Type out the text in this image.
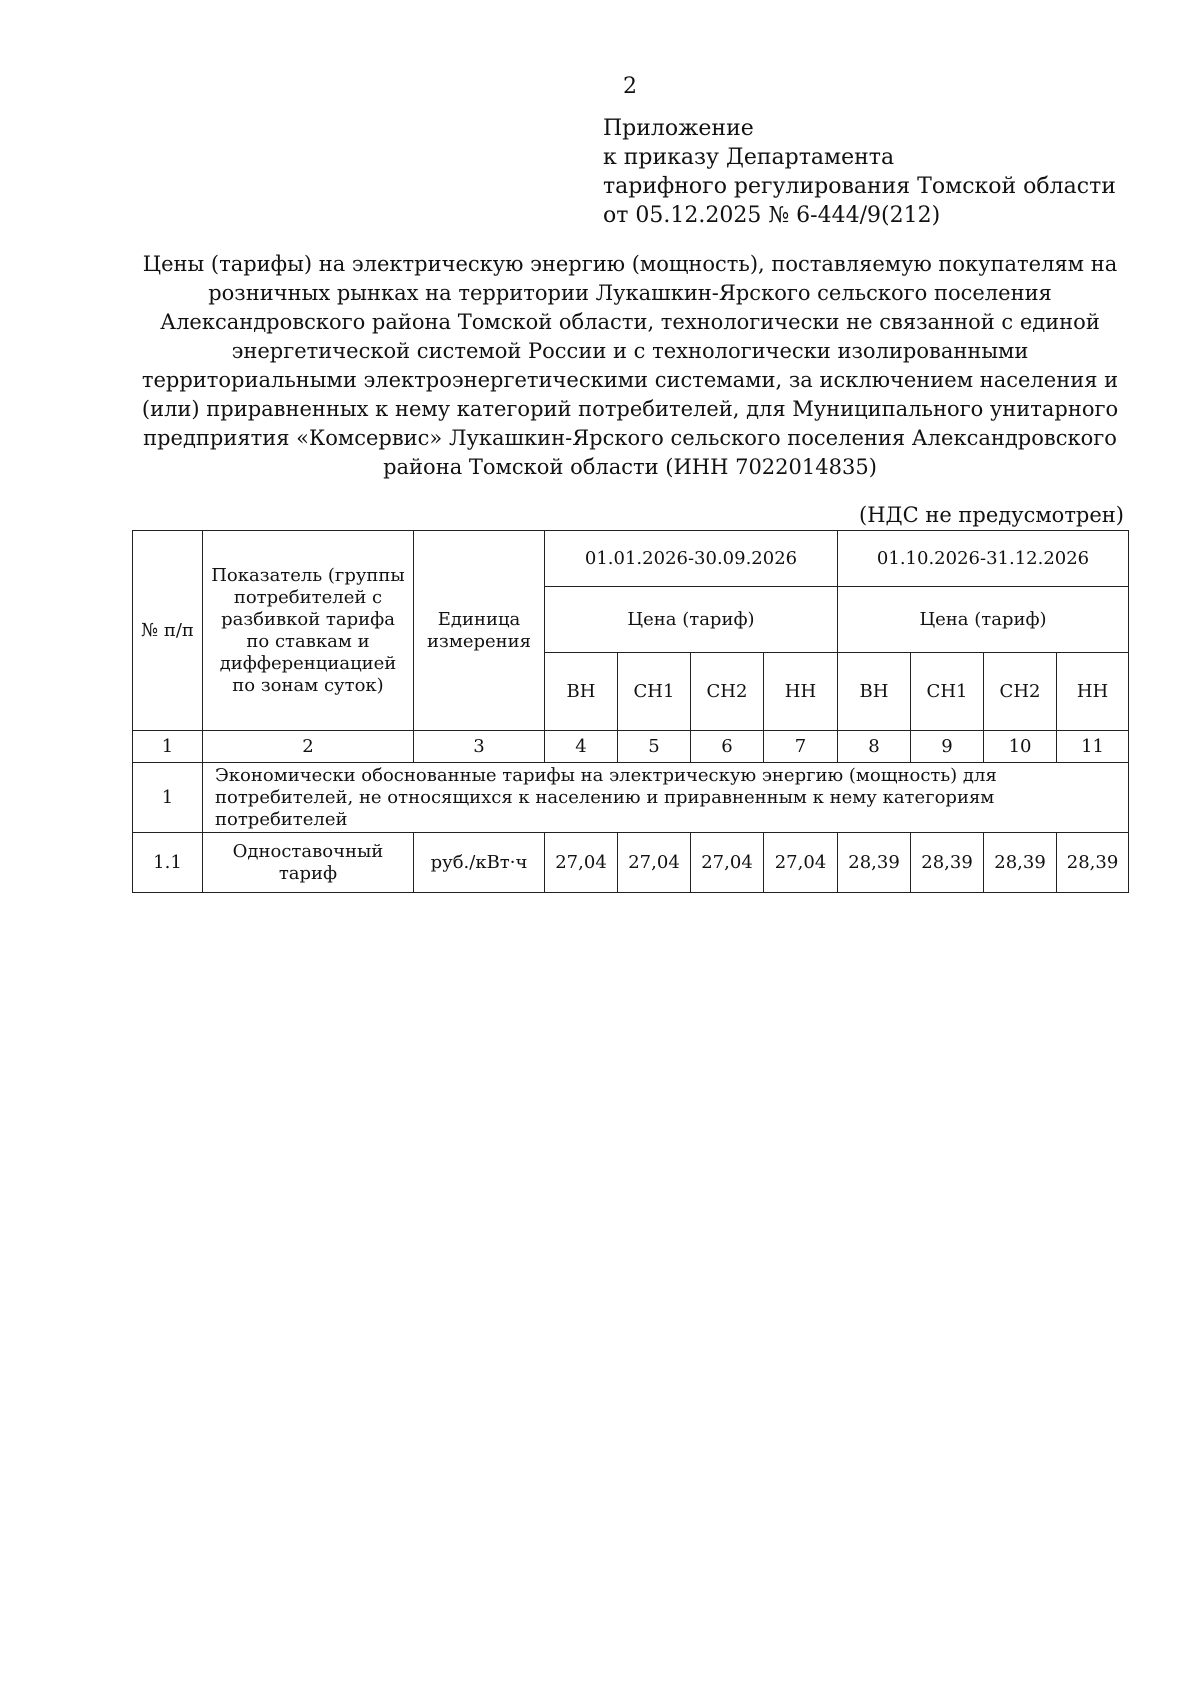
2
Приложение
к приказу Департамента
тарифного регулирования Томской области
от 05.12.2025 № 6-444/9(212)
Цены (тарифы) на электрическую энергию (мощность), поставляемую покупателям на розничных рынках на территории Лукашкин-Ярского сельского поселения Александровского района Томской области, технологически не связанной с единой энергетической системой России и с технологически изолированными территориальными электроэнергетическими системами, за исключением населения и (или) приравненных к нему категорий потребителей, для Муниципального унитарного предприятия «Комсервис» Лукашкин-Ярского сельского поселения Александровского района Томской области (ИНН 7022014835)
(НДС не предусмотрен)
№ п/п	Показатель (группы потребителей с разбивкой тарифа по ставкам и дифференциацией по зонам суток)	Единица измерения	01.01.2026-30.09.2026				01.10.2026-31.12.2026			
			Цена (тариф)				Цена (тариф)			
			ВН	СН1	СН2	НН	ВН	СН1	СН2	НН
1	2	3	4	5	6	7	8	9	10	11
1	Экономически обоснованные тарифы на электрическую энергию (мощность) для потребителей, не относящихся к населению и приравненным к нему категориям потребителей									
1.1	Одноставочный тариф	руб./кВт·ч	27,04	27,04	27,04	27,04	28,39	28,39	28,39	28,39
